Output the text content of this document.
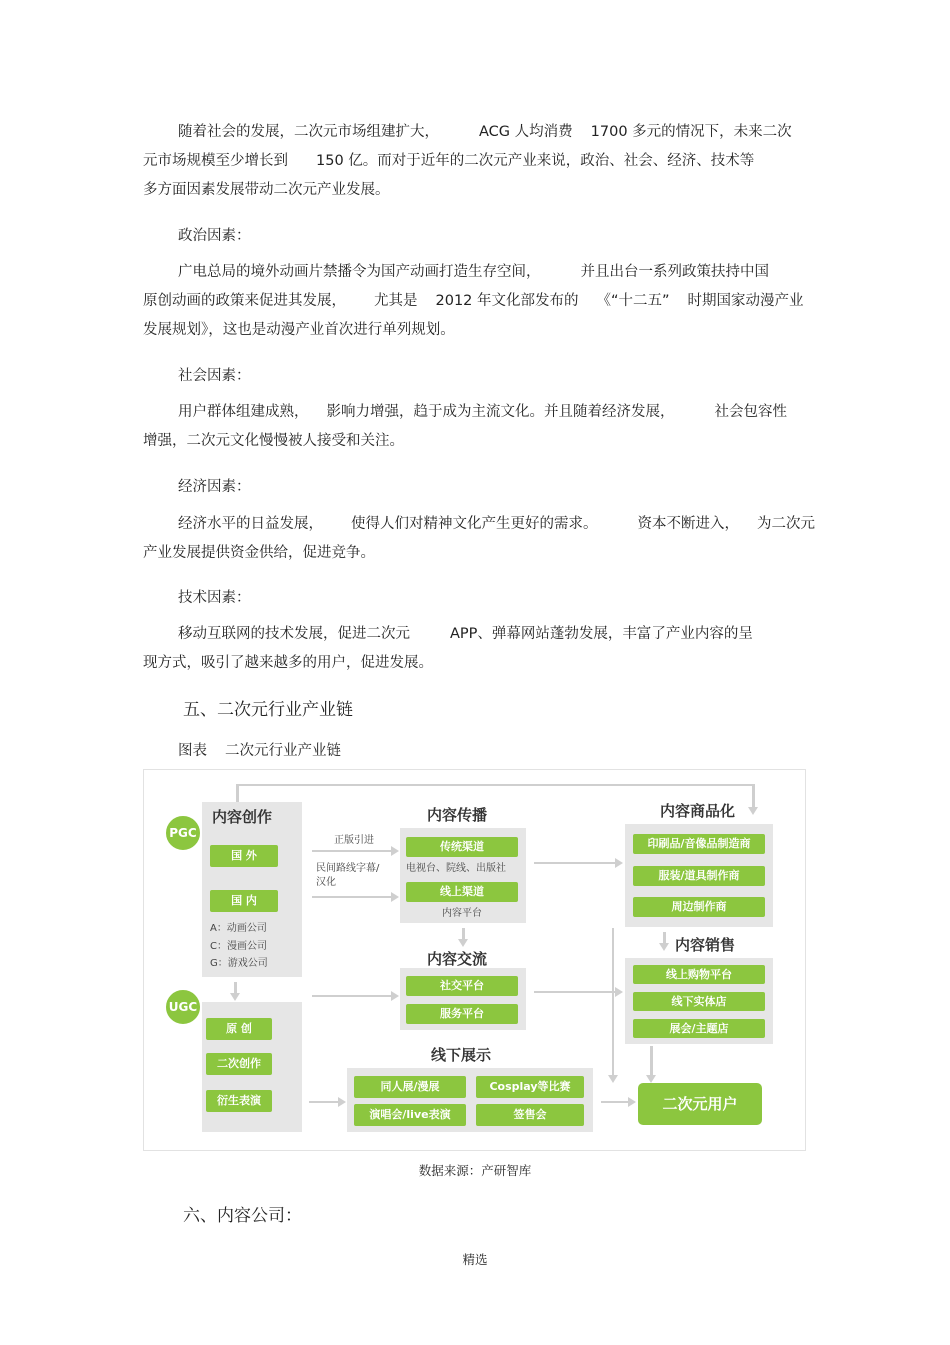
随着社会的发展，二次元市场组建扩大，	ACG 人均消费 1700 多元的情况下，未来二次
元市场规模至少增长到 150 亿。而对于近年的二次元产业来说，政治、社会、经济、技术等
多方面因素发展带动二次元产业发展。
政治因素：
广电总局的境外动画片禁播令为国产动画打造生存空间，	并且出台一系列政策扶持中国
原创动画的政策来促进其发展， 尤其是 2012 年文化部发布的 《“十二五” 时期国家动漫产业
发展规划》，这也是动漫产业首次进行单列规划。
社会因素：
用户群体组建成熟， 影响力增强，趋于成为主流文化。并且随着经济发展，	社会包容性
增强，二次元文化慢慢被人接受和关注。
经济因素：
经济水平的日益发展， 使得人们对精神文化产生更好的需求。	资本不断进入， 为二次元
产业发展提供资金供给，促进竞争。
技术因素：
移动互联网的技术发展，促进二次元	APP、弹幕网站蓬勃发展，丰富了产业内容的呈
现方式，吸引了越来越多的用户，促进发展。
五、二次元行业产业链
图表 二次元行业产业链
内容创作
PGC
国 外
国 内
A：动画公司
C：漫画公司
G：游戏公司
UGC
原 创
二次创作
衍生表演
内容传播
正版引进
民间路线字幕/
汉化
传统渠道
电视台、院线、出版社
线上渠道
内容平台
内容交流
社交平台
服务平台
线下展示
同人展/漫展	Cosplay等比赛
演唱会/live表演	签售会
内容商品化
印刷品/音像品制造商
服装/道具制作商
周边制作商
内容销售
线上购物平台
线下实体店
展会/主题店
二次元用户
数据来源：产研智库
六、内容公司：
精选
